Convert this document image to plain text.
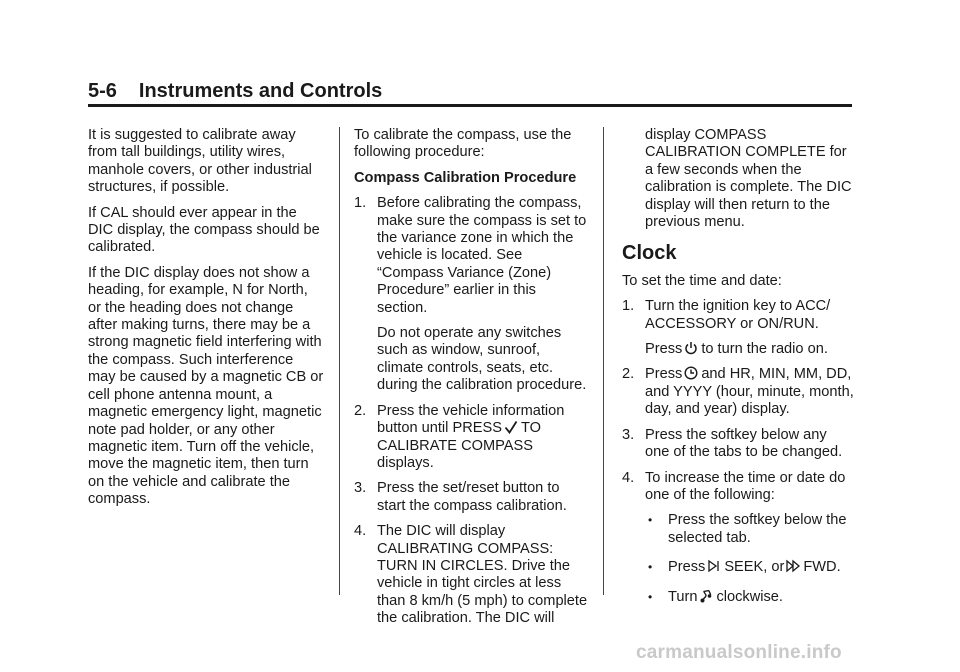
5-6 Instruments and Controls

It is suggested to calibrate away from tall buildings, utility wires, manhole covers, or other industrial structures, if possible.

If CAL should ever appear in the DIC display, the compass should be calibrated.

If the DIC display does not show a heading, for example, N for North, or the heading does not change after making turns, there may be a strong magnetic field interfering with the compass. Such interference may be caused by a magnetic CB or cell phone antenna mount, a magnetic emergency light, magnetic note pad holder, or any other magnetic item. Turn off the vehicle, move the magnetic item, then turn on the vehicle and calibrate the compass.

To calibrate the compass, use the following procedure:

Compass Calibration Procedure

1. Before calibrating the compass, make sure the compass is set to the variance zone in which the vehicle is located. See “Compass Variance (Zone) Procedure” earlier in this section.

Do not operate any switches such as window, sunroof, climate controls, seats, etc. during the calibration procedure.

2. Press the vehicle information button until PRESS TO CALIBRATE COMPASS displays.
3. Press the set/reset button to start the compass calibration.
4. The DIC will display CALIBRATING COMPASS: TURN IN CIRCLES. Drive the vehicle in tight circles at less than 8 km/h (5 mph) to complete the calibration. The DIC will

display COMPASS CALIBRATION COMPLETE for a few seconds when the calibration is complete. The DIC display will then return to the previous menu.

Clock

To set the time and date:

1. Turn the ignition key to ACC/ ACCESSORY or ON/RUN.

Press to turn the radio on.

2. Press and HR, MIN, MM, DD, and YYYY (hour, minute, month, day, and year) display.
3. Press the softkey below any one of the tabs to be changed.
4. To increase the time or date do one of the following:
• Press the softkey below the selected tab.
• Press SEEK, or FWD.
• Turn clockwise.
carmanualsonline.info
